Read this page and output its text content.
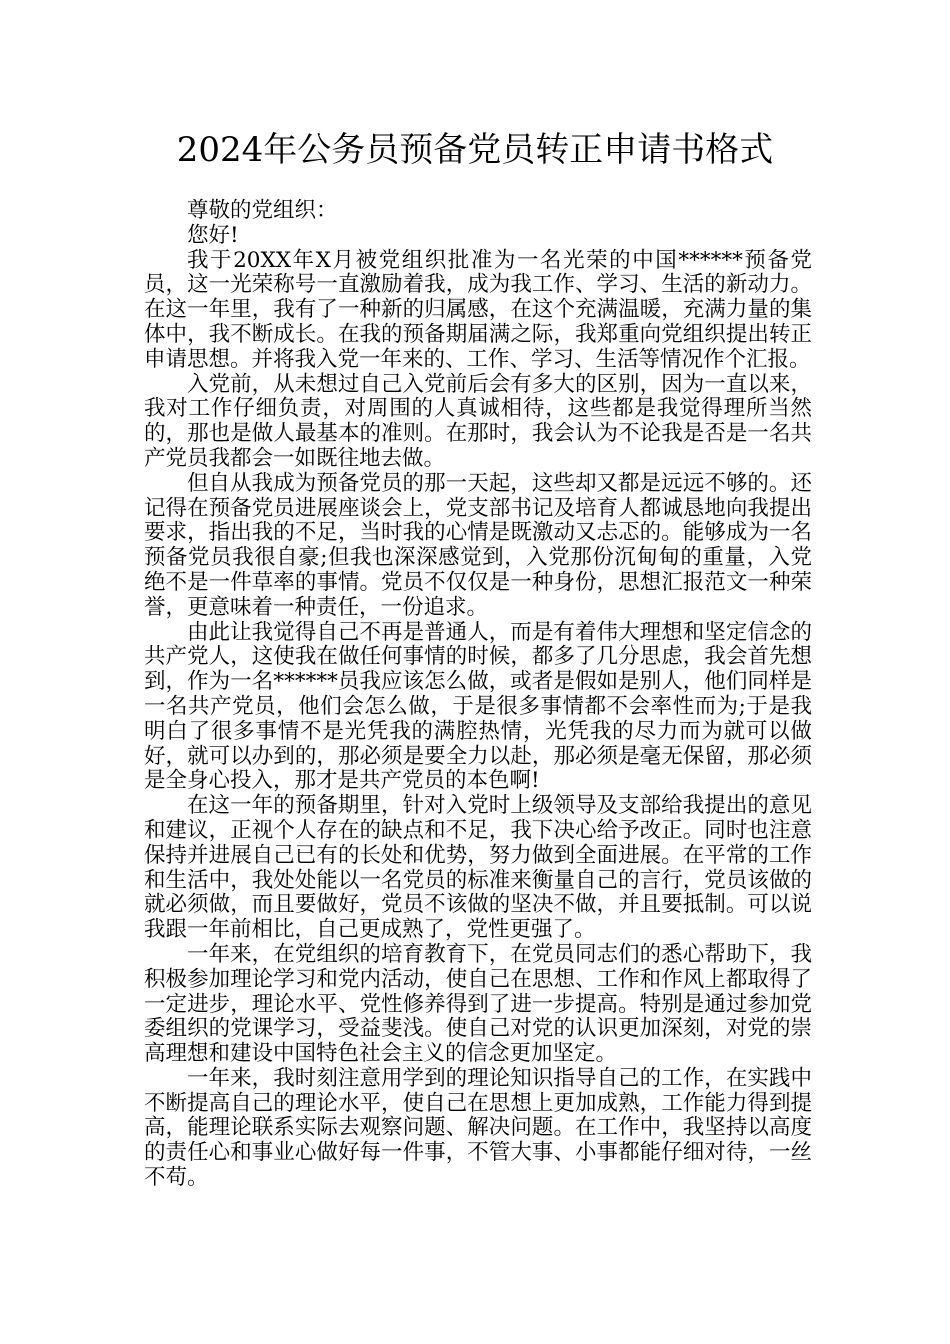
2024年公务员预备党员转正申请书格式

尊敬的党组织：

您好!

我于20XX年X月被党组织批准为一名光荣的中国******预备党员，这一光荣称号一直激励着我，成为我工作、学习、生活的新动力。在这一年里，我有了一种新的归属感，在这个充满温暖，充满力量的集体中，我不断成长。在我的预备期届满之际，我郑重向党组织提出转正申请思想。并将我入党一年来的、工作、学习、生活等情况作个汇报。

入党前，从未想过自己入党前后会有多大的区别，因为一直以来，我对工作仔细负责，对周围的人真诚相待，这些都是我觉得理所当然的，那也是做人最基本的准则。在那时，我会认为不论我是否是一名共产党员我都会一如既往地去做。

但自从我成为预备党员的那一天起，这些却又都是远远不够的。还记得在预备党员进展座谈会上，党支部书记及培育人都诚恳地向我提出要求，指出我的不足，当时我的心情是既激动又忐忑的。能够成为一名预备党员我很自豪;但我也深深感觉到，入党那份沉甸甸的重量，入党绝不是一件草率的事情。党员不仅仅是一种身份，思想汇报范文一种荣誉，更意味着一种责任，一份追求。

由此让我觉得自己不再是普通人，而是有着伟大理想和坚定信念的共产党人，这使我在做任何事情的时候，都多了几分思虑，我会首先想到，作为一名******员我应该怎么做，或者是假如是别人，他们同样是一名共产党员，他们会怎么做，于是很多事情都不会率性而为;于是我明白了很多事情不是光凭我的满腔热情，光凭我的尽力而为就可以做好，就可以办到的，那必须是要全力以赴，那必须是毫无保留，那必须是全身心投入，那才是共产党员的本色啊!

在这一年的预备期里，针对入党时上级领导及支部给我提出的意见和建议，正视个人存在的缺点和不足，我下决心给予改正。同时也注意保持并进展自己已有的长处和优势，努力做到全面进展。在平常的工作和生活中，我处处能以一名党员的标准来衡量自己的言行，党员该做的就必须做，而且要做好，党员不该做的坚决不做，并且要抵制。可以说我跟一年前相比，自己更成熟了，党性更强了。

一年来，在党组织的培育教育下，在党员同志们的悉心帮助下，我积极参加理论学习和党内活动，使自己在思想、工作和作风上都取得了一定进步，理论水平、党性修养得到了进一步提高。特别是通过参加党委组织的党课学习，受益斐浅。使自己对党的认识更加深刻，对党的崇高理想和建设中国特色社会主义的信念更加坚定。

一年来，我时刻注意用学到的理论知识指导自己的工作，在实践中不断提高自己的理论水平，使自己在思想上更加成熟，工作能力得到提高，能理论联系实际去观察问题、解决问题。在工作中，我坚持以高度的责任心和事业心做好每一件事，不管大事、小事都能仔细对待，一丝不苟。
